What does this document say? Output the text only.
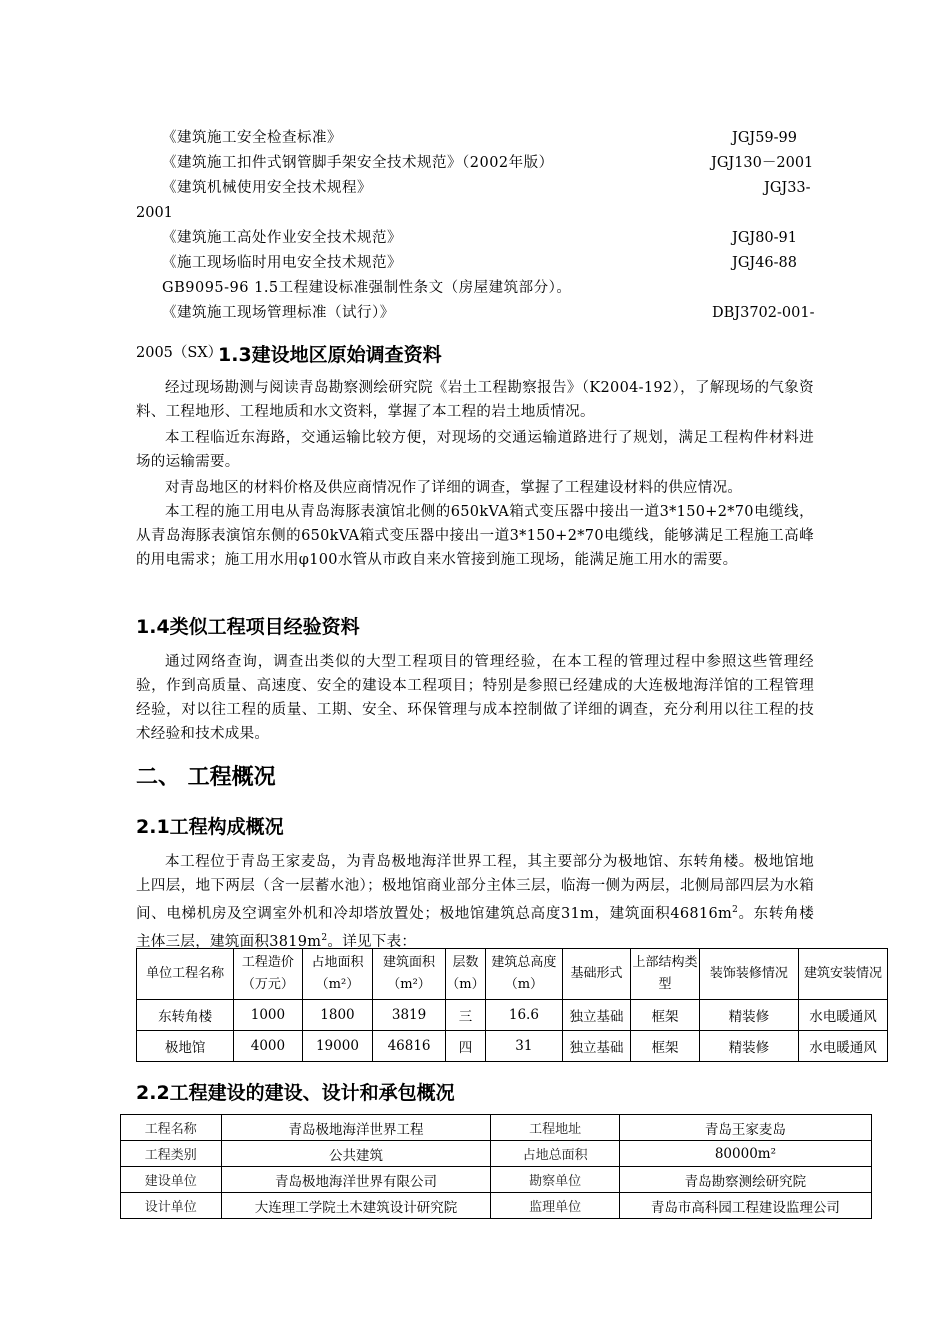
《建筑施工安全检查标准》	JGJ59-99
《建筑施工扣件式钢管脚手架安全技术规范》（2002年版）	JGJ130－2001
《建筑机械使用安全技术规程》	JGJ33-
2001
《建筑施工高处作业安全技术规范》	JGJ80-91
《施工现场临时用电安全技术规范》	JGJ46-88
GB9095-96 1.5工程建设标准强制性条文（房屋建筑部分）。
《建筑施工现场管理标准（试行）》	DBJ3702-001-
2005（SX）
1.3建设地区原始调查资料
经过现场勘测与阅读青岛勘察测绘研究院《岩土工程勘察报告》（K2004-192），了解现场的气象资料、工程地形、工程地质和水文资料，掌握了本工程的岩土地质情况。
本工程临近东海路，交通运输比较方便，对现场的交通运输道路进行了规划，满足工程构件材料进场的运输需要。
对青岛地区的材料价格及供应商情况作了详细的调查，掌握了工程建设材料的供应情况。
本工程的施工用电从青岛海豚表演馆北侧的650kVA箱式变压器中接出一道3*150+2*70电缆线，从青岛海豚表演馆东侧的650kVA箱式变压器中接出一道3*150+2*70电缆线，能够满足工程施工高峰的用电需求；施工用水用φ100水管从市政自来水管接到施工现场，能满足施工用水的需要。
1.4类似工程项目经验资料
通过网络查询，调查出类似的大型工程项目的管理经验，在本工程的管理过程中参照这些管理经验，作到高质量、高速度、安全的建设本工程项目；特别是参照已经建成的大连极地海洋馆的工程管理经验，对以往工程的质量、工期、安全、环保管理与成本控制做了详细的调查，充分利用以往工程的技术经验和技术成果。
二、 工程概况
2.1工程构成概况
本工程位于青岛王家麦岛，为青岛极地海洋世界工程，其主要部分为极地馆、东转角楼。极地馆地上四层，地下两层（含一层蓄水池）；极地馆商业部分主体三层，临海一侧为两层，北侧局部四层为水箱间、电梯机房及空调室外机和冷却塔放置处；极地馆建筑总高度31m，建筑面积$46816m^2$。东转角楼主体三层，建筑面积$3819m^2$。详见下表：
单位工程名称	工程造价（万元）	占地面积（m²）	建筑面积（m²）	层数（m）	建筑总高度（m）	基础形式	上部结构类型	装饰装修情况	建筑安装情况
东转角楼	1000	1800	3819	三	16.6	独立基础	框架	精装修	水电暖通风
极地馆	4000	19000	46816	四	31	独立基础	框架	精装修	水电暖通风
2.2工程建设的建设、设计和承包概况
工程名称	青岛极地海洋世界工程	工程地址	青岛王家麦岛
工程类别	公共建筑	占地总面积	80000m²
建设单位	青岛极地海洋世界有限公司	勘察单位	青岛勘察测绘研究院
设计单位	大连理工学院土木建筑设计研究院	监理单位	青岛市高科园工程建设监理公司
